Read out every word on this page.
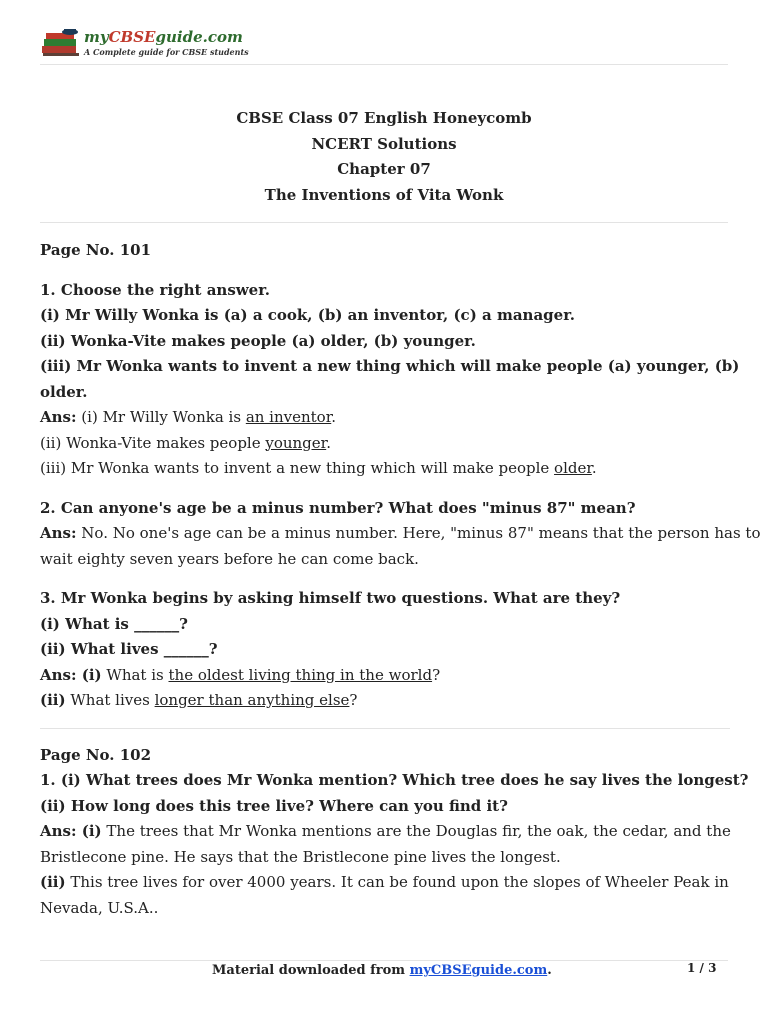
myCBSEguide.com
A Complete guide for CBSE students
CBSE Class 07 English Honeycomb
NCERT Solutions
Chapter 07
The Inventions of Vita Wonk
Page No. 101
1. Choose the right answer.
(i) Mr Willy Wonka is (a) a cook, (b) an inventor, (c) a manager.
(ii) Wonka-Vite makes people (a) older, (b) younger.
(iii) Mr Wonka wants to invent a new thing which will make people (a) younger, (b)
older.
Ans: (i) Mr Willy Wonka is an inventor.
(ii) Wonka-Vite makes people younger.
(iii) Mr Wonka wants to invent a new thing which will make people older.
2. Can anyone's age be a minus number? What does "minus 87" mean?
Ans: No. No one's age can be a minus number. Here, "minus 87" means that the person has to
wait eighty seven years before he can come back.
3. Mr Wonka begins by asking himself two questions. What are they?
(i) What is ______?
(ii) What lives ______?
Ans: (i) What is the oldest living thing in the world?
(ii) What lives longer than anything else?
Page No. 102
1. (i) What trees does Mr Wonka mention? Which tree does he say lives the longest?
(ii) How long does this tree live? Where can you find it?
Ans: (i) The trees that Mr Wonka mentions are the Douglas fir, the oak, the cedar, and the
Bristlecone pine. He says that the Bristlecone pine lives the longest.
(ii) This tree lives for over 4000 years. It can be found upon the slopes of Wheeler Peak in
Nevada, U.S.A..
Material downloaded from myCBSEguide.com.	1 / 3
